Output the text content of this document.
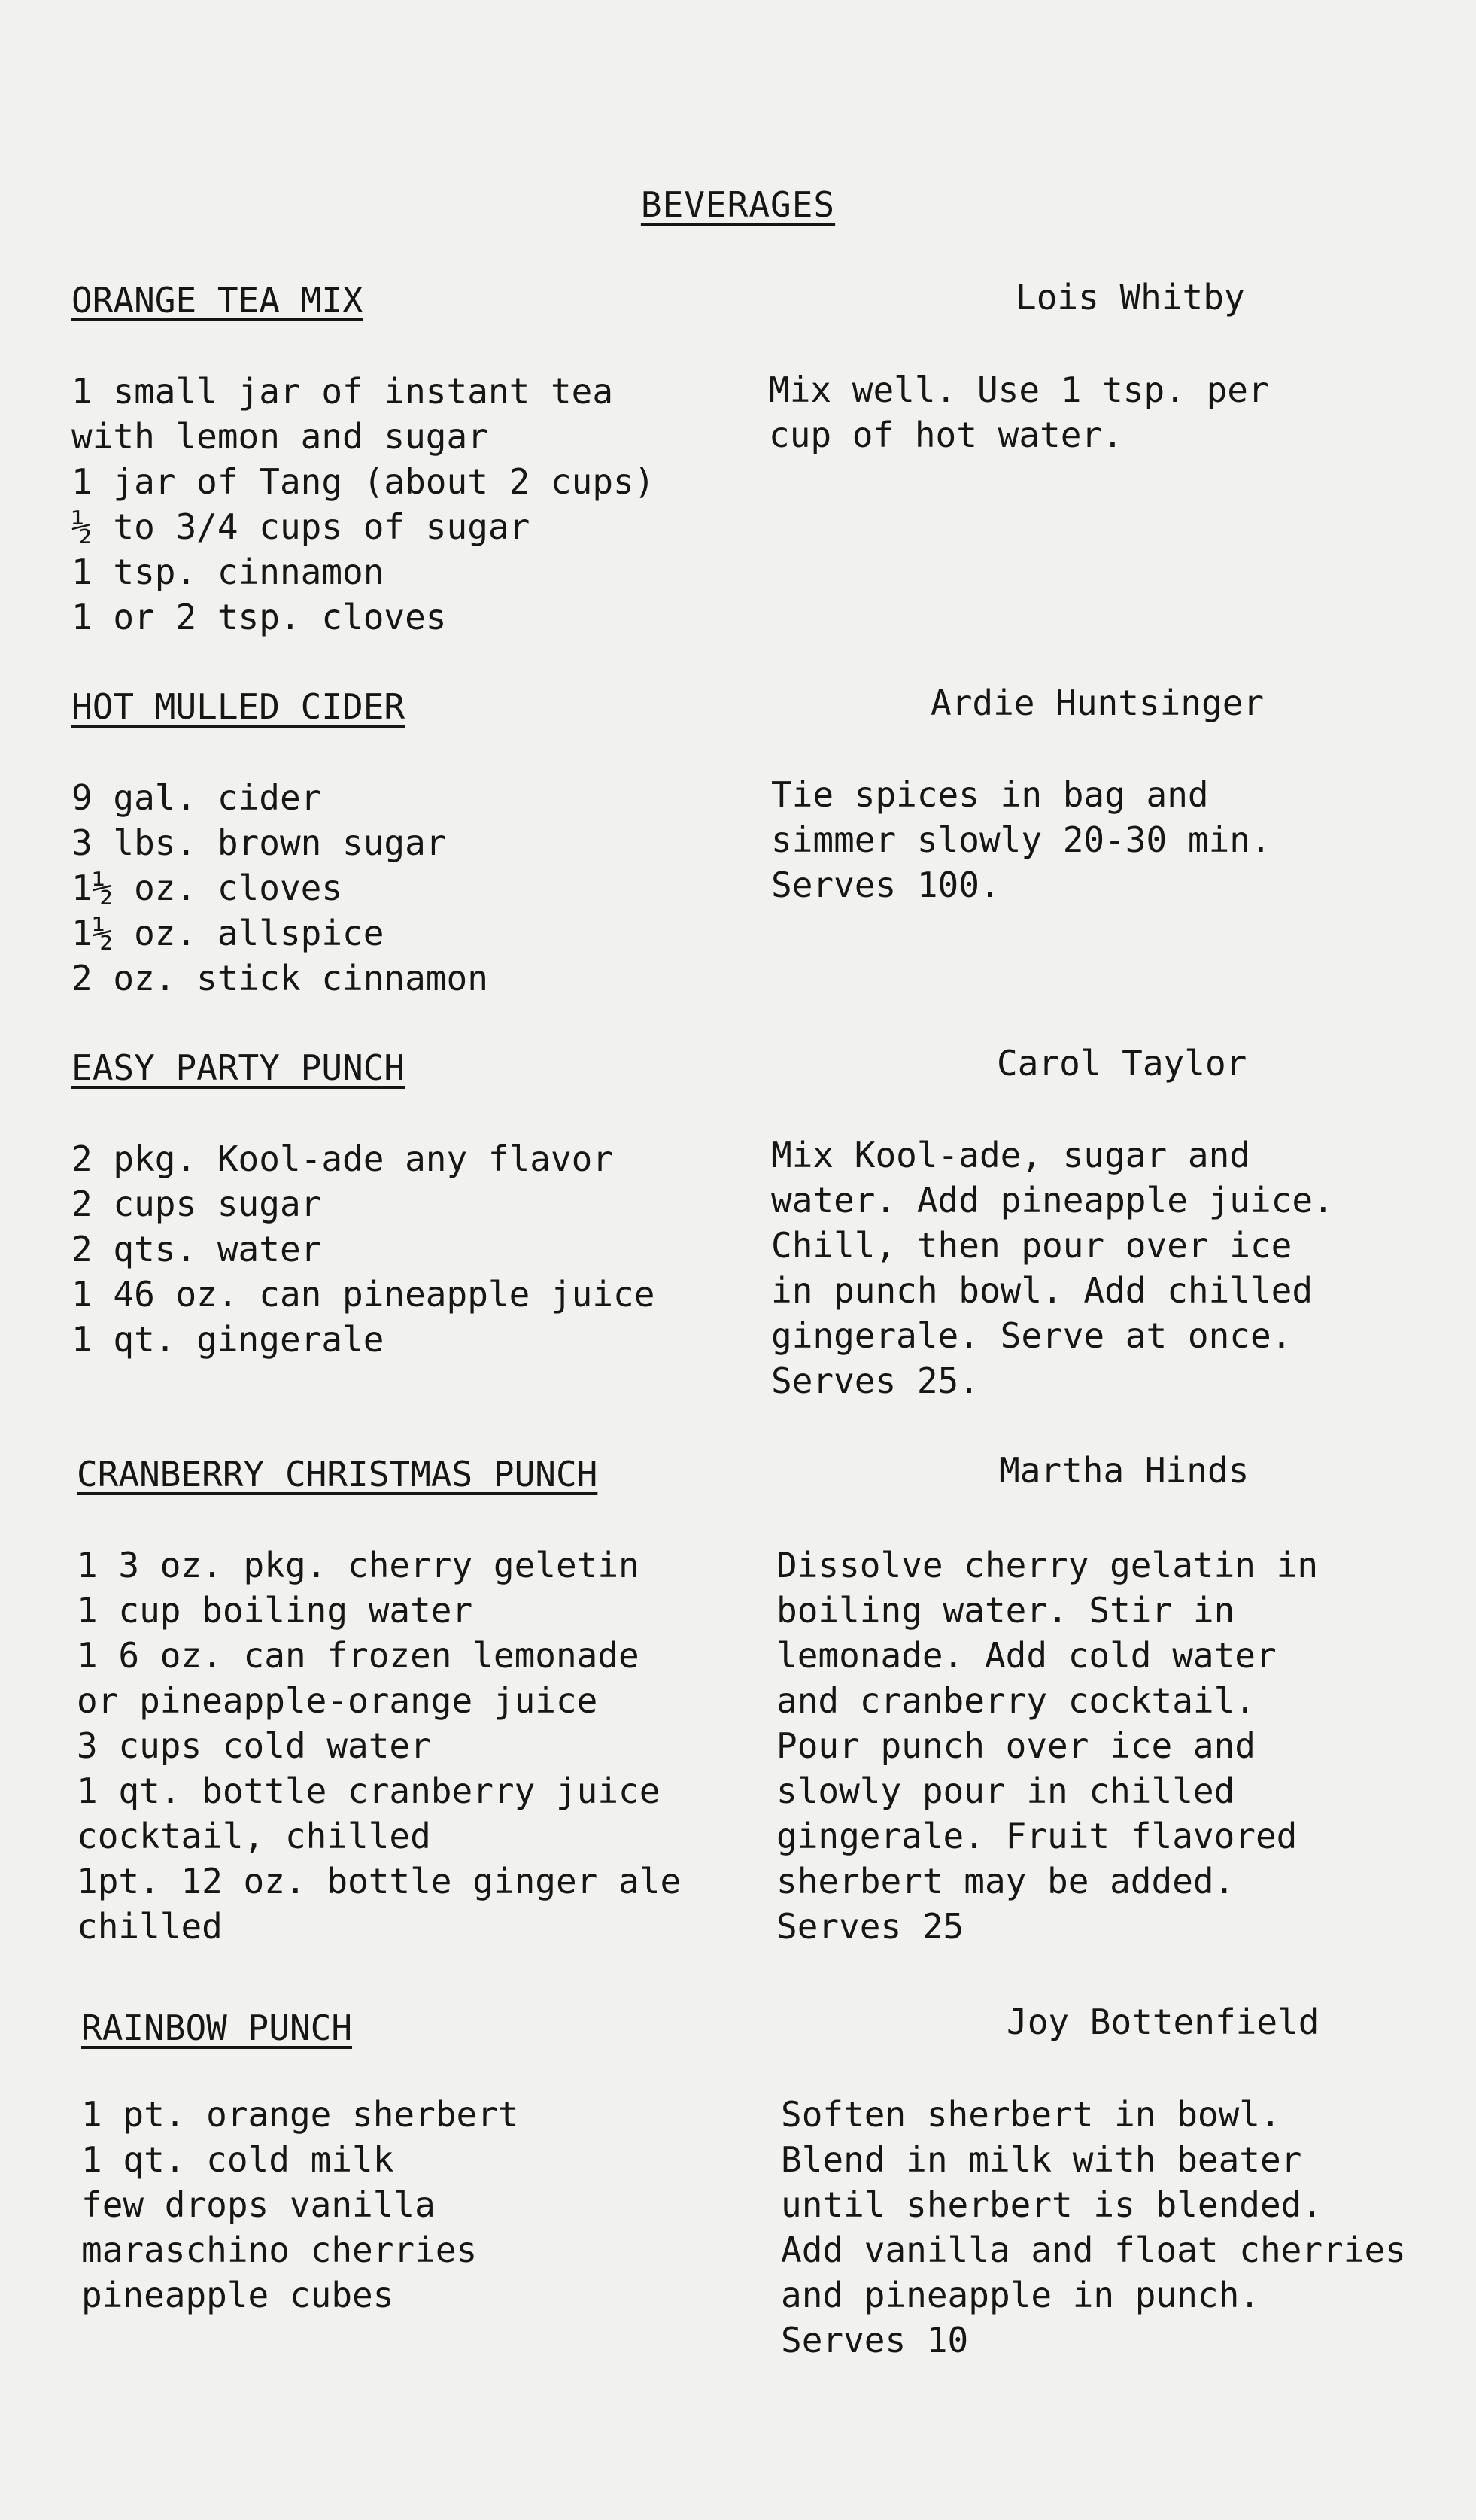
BEVERAGES
ORANGE TEA MIX	Lois Whitby
1 small jar of instant tea
with lemon and sugar
1 jar of Tang (about 2 cups)
½ to 3/4 cups of sugar
1 tsp. cinnamon
1 or 2 tsp. cloves
Mix well. Use 1 tsp. per
cup of hot water.
HOT MULLED CIDER	Ardie Huntsinger
9 gal. cider
3 lbs. brown sugar
1½ oz. cloves
1½ oz. allspice
2 oz. stick cinnamon
Tie spices in bag and
simmer slowly 20-30 min.
Serves 100.
EASY PARTY PUNCH	Carol Taylor
2 pkg. Kool-ade any flavor
2 cups sugar
2 qts. water
1 46 oz. can pineapple juice
1 qt. gingerale
Mix Kool-ade, sugar and
water. Add pineapple juice.
Chill, then pour over ice
in punch bowl. Add chilled
gingerale. Serve at once.
Serves 25.
CRANBERRY CHRISTMAS PUNCH	Martha Hinds
1 3 oz. pkg. cherry geletin
1 cup boiling water
1 6 oz. can frozen lemonade
or pineapple-orange juice
3 cups cold water
1 qt. bottle cranberry juice
cocktail, chilled
1pt. 12 oz. bottle ginger ale
chilled
Dissolve cherry gelatin in
boiling water. Stir in
lemonade. Add cold water
and cranberry cocktail.
Pour punch over ice and
slowly pour in chilled
gingerale. Fruit flavored
sherbert may be added.
Serves 25
RAINBOW PUNCH	Joy Bottenfield
1 pt. orange sherbert
1 qt. cold milk
few drops vanilla
maraschino cherries
pineapple cubes
Soften sherbert in bowl.
Blend in milk with beater
until sherbert is blended.
Add vanilla and float cherries
and pineapple in punch.
Serves 10
